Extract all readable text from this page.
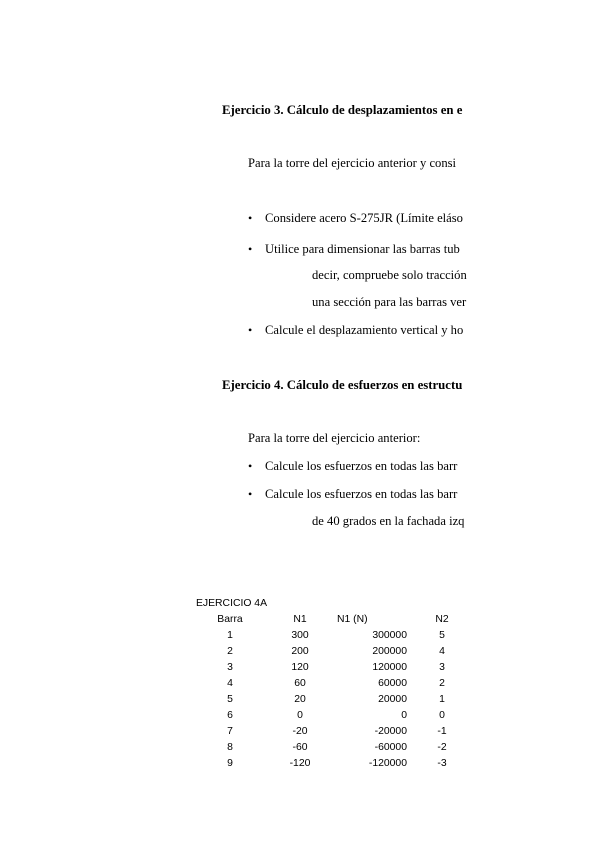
Ejercicio 3. Cálculo de desplazamientos en e
Para la torre del ejercicio anterior y consi
• Considere acero S-275JR (Límite eláso
• Utilice para dimensionar las barras tub
decir, compruebe solo tracción
una sección para las barras ver
• Calcule el desplazamiento vertical y ho
Ejercicio 4. Cálculo de esfuerzos en estructu
Para la torre del ejercicio anterior:
• Calcule los esfuerzos en todas las barr
• Calcule los esfuerzos en todas las barr
de 40 grados en la fachada izq
EJERCICIO 4A
Barra	N1	N1 (N)	N2
1	300	300000	5
2	200	200000	4
3	120	120000	3
4	60	60000	2
5	20	20000	1
6	0	0	0
7	-20	-20000	-1
8	-60	-60000	-2
9	-120	-120000	-3
